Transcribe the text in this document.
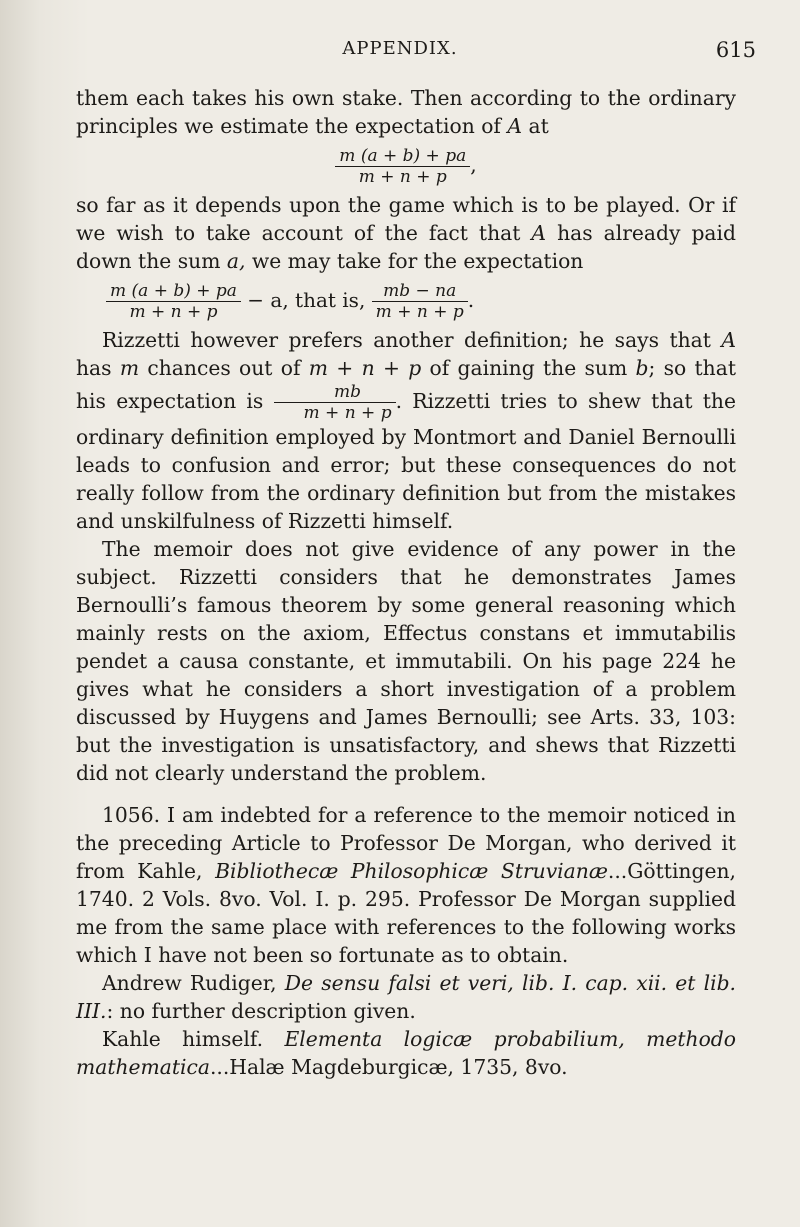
APPENDIX.	615

them each takes his own stake. Then according to the ordinary principles we estimate the expectation of A at

$\frac{m (a + b) + pa}{m + n + p}$ ,

so far as it depends upon the game which is to be played. Or if we wish to take account of the fact that A has already paid down the sum a, we may take for the expectation

$\frac{m (a + b) + pa}{m + n + p} - a$, that is, $\frac{mb - na}{m + n + p}$ .

Rizzetti however prefers another definition; he says that A has m chances out of m + n + p of gaining the sum b; so that his expectation is $\frac{mb}{m + n + p}$ . Rizzetti tries to shew that the ordinary definition employed by Montmort and Daniel Bernoulli leads to confusion and error; but these consequences do not really follow from the ordinary definition but from the mistakes and unskilfulness of Rizzetti himself.

The memoir does not give evidence of any power in the subject. Rizzetti considers that he demonstrates James Bernoulli’s famous theorem by some general reasoning which mainly rests on the axiom, Effectus constans et immutabilis pendet a causa constante, et immutabili. On his page 224 he gives what he considers a short investigation of a problem discussed by Huygens and James Bernoulli; see Arts. 33, 103: but the investigation is unsatisfactory, and shews that Rizzetti did not clearly understand the problem.

1056. I am indebted for a reference to the memoir noticed in the preceding Article to Professor De Morgan, who derived it from Kahle, Bibliothecæ Philosophicæ Struvianæ...Göttingen, 1740. 2 Vols. 8vo. Vol. I. p. 295. Professor De Morgan supplied me from the same place with references to the following works which I have not been so fortunate as to obtain.

Andrew Rudiger, De sensu falsi et veri, lib. I. cap. xii. et lib. III.: no further description given.

Kahle himself. Elementa logicæ probabilium, methodo mathematica...Halæ Magdeburgicæ, 1735, 8vo.
